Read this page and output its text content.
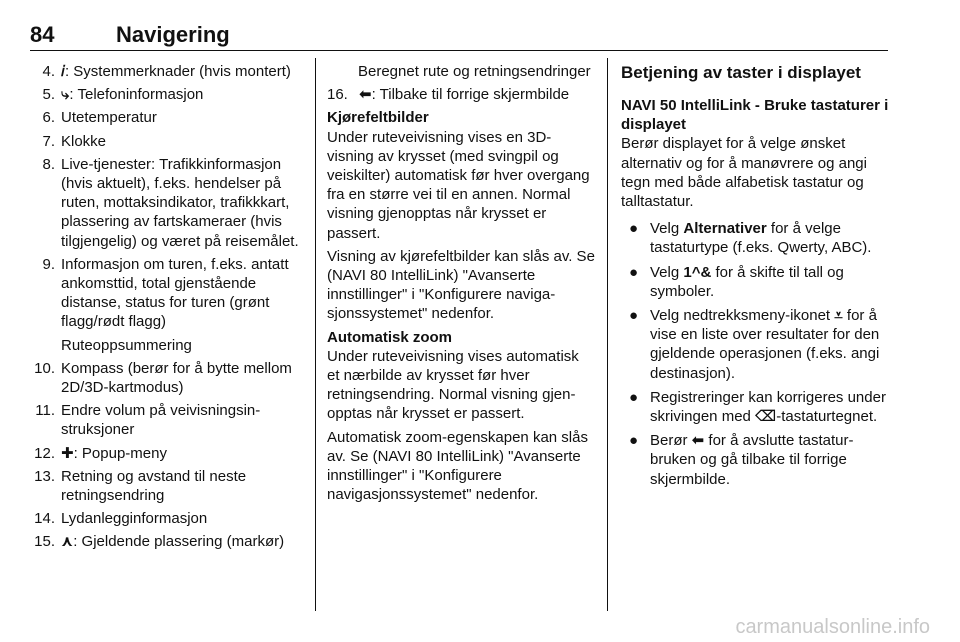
84	Navigering
4. 𝑖: Systemmerknader (hvis montert)
5. ⤷: Telefoninformasjon
6. Utetemperatur
7. Klokke
8. Live-tjenester: Trafikkinformasjon (hvis aktuelt), f.eks. hendelser på ruten, mottaksindikator, trafikkkart, plassering av fartskameraer (hvis tilgjengelig) og været på reisemålet.
9. Informasjon om turen, f.eks. antatt ankomsttid, total gjenstående distanse, status for turen (grønt flagg/rødt flagg)
Ruteoppsummering
10. Kompass (berør for å bytte mellom 2D/3D-kartmodus)
11. Endre volum på veivisningsinstruksjoner
12. ✚: Popup-meny
13. Retning og avstand til neste retningsendring
14. Lydanlegginformasjon
15. ⋏: Gjeldende plassering (markør)
Beregnet rute og retningsendringer
16. ⬅: Tilbake til forrige skjermbilde
Kjørefeltbilder

Under ruteveivisning vises en 3D-visning av krysset (med svingpil og veiskilter) automatisk før hver overgang fra en større vei til en annen. Normal visning gjenopptas når krysset er passert.

Visning av kjørefeltbilder kan slås av. Se (NAVI 80 IntelliLink) "Avanserte innstillinger" i "Konfigurere navigasjonssystemet" nedenfor.

Automatisk zoom

Under ruteveivisning vises automatisk et nærbilde av krysset før hver retningsendring. Normal visning gjenopptas når krysset er passert.

Automatisk zoom-egenskapen kan slås av. Se (NAVI 80 IntelliLink) "Avanserte innstillinger" i "Konfigurere navigasjonssystemet" nedenfor.

Betjening av taster i displayet
NAVI 50 IntelliLink - Bruke tastaturer i displayet

Berør displayet for å velge ønsket alternativ og for å manøvrere og angi tegn med både alfabetisk tastatur og talltastatur.

● Velg Alternativer for å velge tastaturtype (f.eks. Qwerty, ABC).
● Velg 1^& for å skifte til tall og symboler.
● Velg nedtrekksmeny-ikonet ⩡ for å vise en liste over resultater for den gjeldende operasjonen (f.eks. angi destinasjon).
● Registreringer kan korrigeres under skrivingen med ⌫-tastaturtegnet.
● Berør ⬅ for å avslutte tastaturbruken og gå tilbake til forrige skjermbilde.
carmanualsonline.info
